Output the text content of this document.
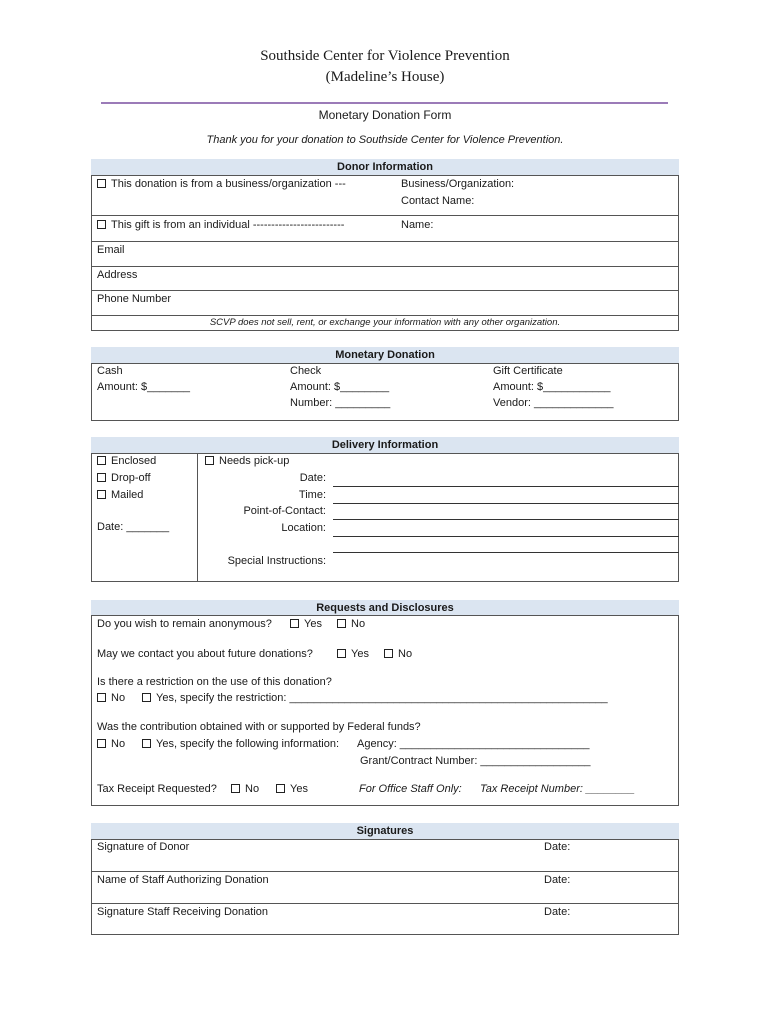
Southside Center for Violence Prevention
(Madeline’s House)
Monetary Donation Form
Thank you for your donation to Southside Center for Violence Prevention.
Donor Information
This donation is from a business/organization ---	Business/Organization:
Contact Name:
This gift is from an individual -------------------------	Name:
Email
Address
Phone Number
SCVP does not sell, rent, or exchange your information with any other organization.
Monetary Donation
Cash
Amount: $_______
Check
Amount: $________
Number: _________
Gift Certificate
Amount: $___________
Vendor: _____________
Delivery Information
Enclosed
Drop-off
Mailed
Date: _______
Needs pick-up
Date:
Time:
Point-of-Contact:
Location:
Special Instructions:
Requests and Disclosures
Do you wish to remain anonymous?	Yes	No
May we contact you about future donations?	Yes	No
Is there a restriction on the use of this donation?
No	Yes, specify the restriction: ____________________________________________________
Was the contribution obtained with or supported by Federal funds?
No	Yes, specify the following information: Agency: _______________________________
Grant/Contract Number: __________________
Tax Receipt Requested?	No	Yes	For Office Staff Only: Tax Receipt Number: ________
Signatures
Signature of Donor	Date:
Name of Staff Authorizing Donation	Date:
Signature Staff Receiving Donation	Date:
